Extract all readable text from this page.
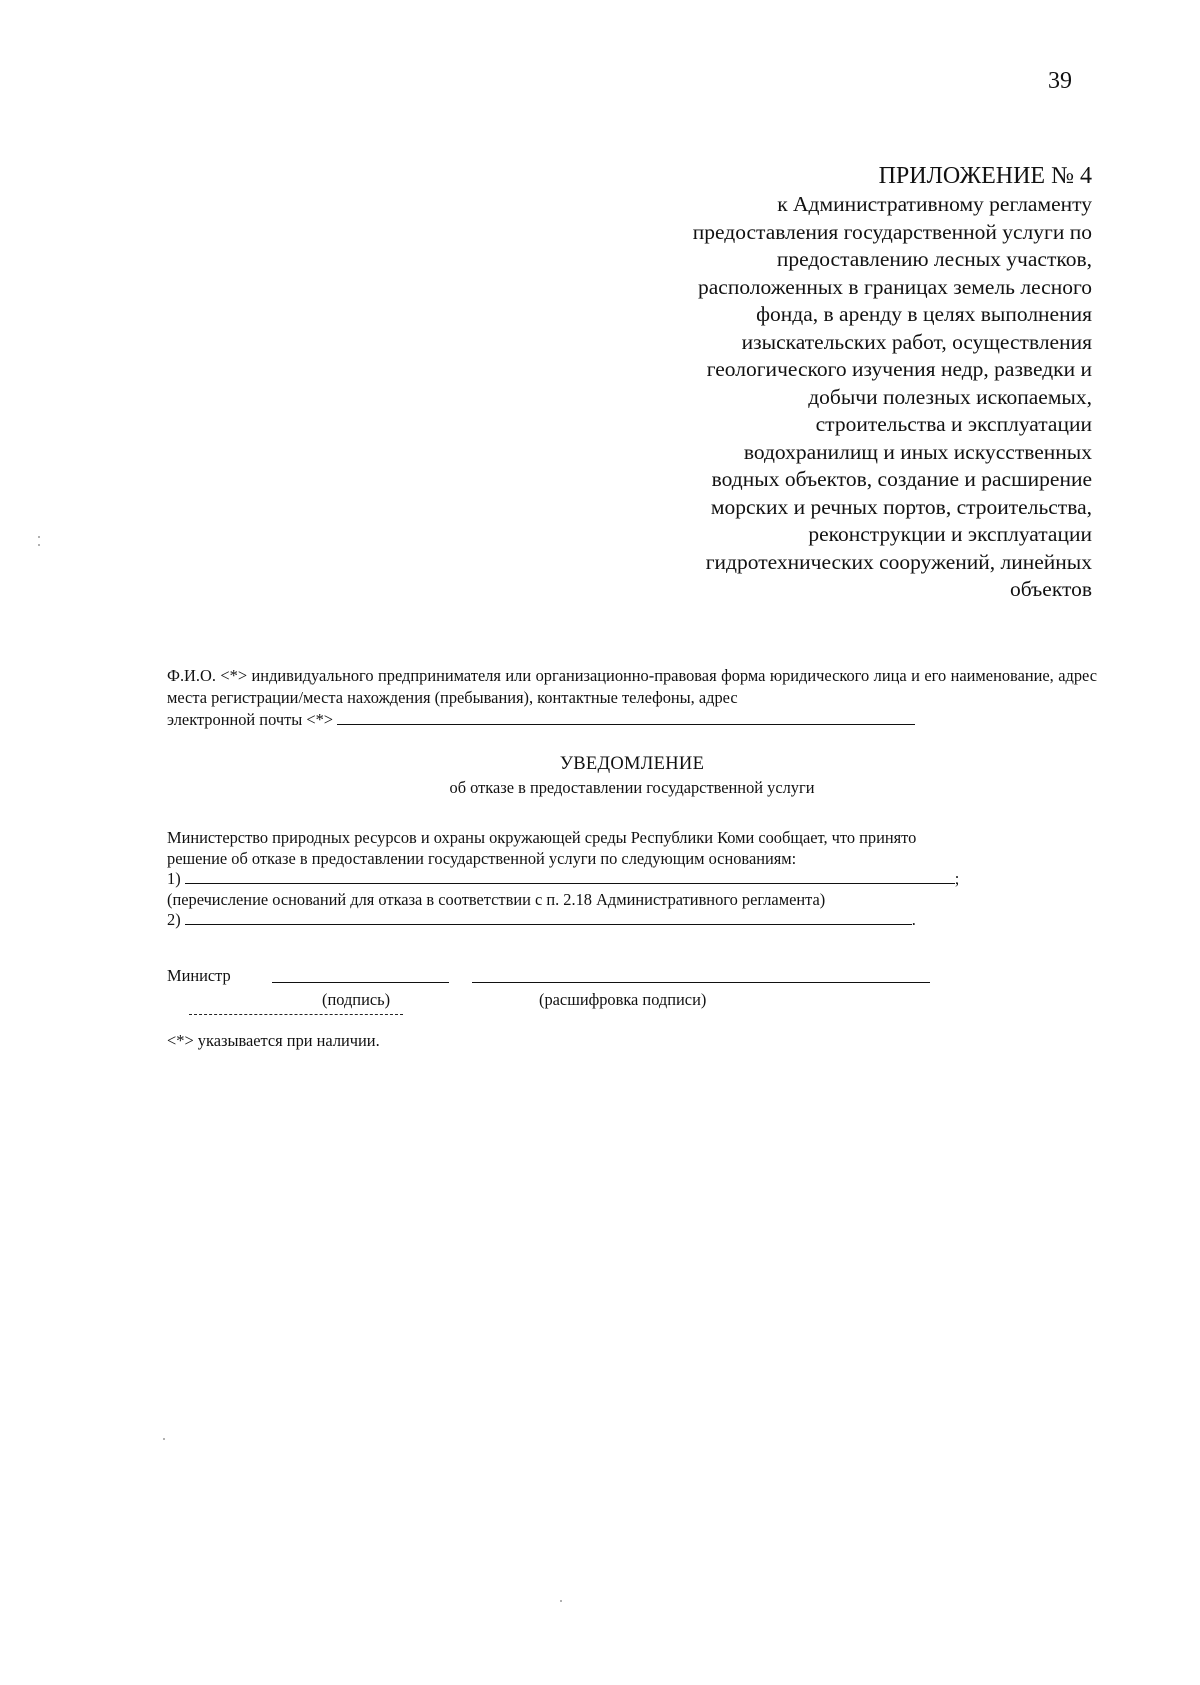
39
ПРИЛОЖЕНИЕ № 4
к Административному регламенту
предоставления государственной услуги по
предоставлению лесных участков,
расположенных в границах земель лесного
фонда, в аренду в целях выполнения
изыскательских работ, осуществления
геологического изучения недр, разведки и
добычи полезных ископаемых,
строительства и эксплуатации
водохранилищ и иных искусственных
водных объектов, создание и расширение
морских и речных портов, строительства,
реконструкции и эксплуатации
гидротехнических сооружений, линейных
объектов
Ф.И.О. <*> индивидуального предпринимателя или организационно-правовая форма юридического лица и его наименование, адрес места регистрации/места нахождения (пребывания), контактные телефоны, адрес
электронной почты <*>
УВЕДОМЛЕНИЕ
об отказе в предоставлении государственной услуги
Министерство природных ресурсов и охраны окружающей среды Республики Коми сообщает, что принято
решение об отказе в предоставлении государственной услуги по следующим основаниям:
1)	;
(перечисление оснований для отказа в соответствии с п. 2.18 Административного регламента)
2)	.
Министр
(подпись)	(расшифровка подписи)
<*> указывается при наличии.
